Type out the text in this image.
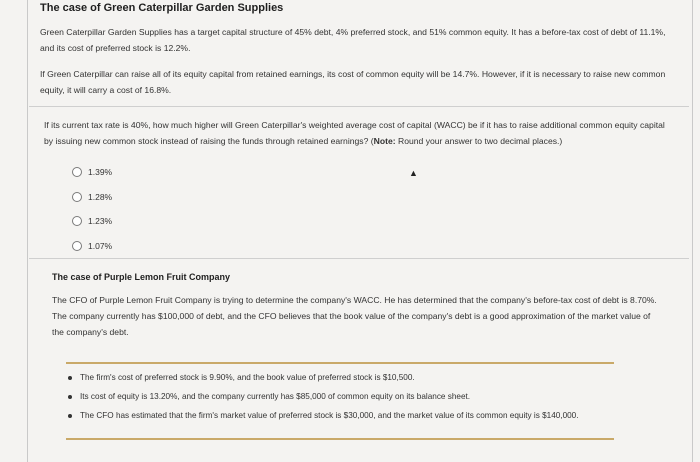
The case of Green Caterpillar Garden Supplies

Green Caterpillar Garden Supplies has a target capital structure of 45% debt, 4% preferred stock, and 51% common equity. It has a before-tax cost of debt of 11.1%, and its cost of preferred stock is 12.2%.

If Green Caterpillar can raise all of its equity capital from retained earnings, its cost of common equity will be 14.7%. However, if it is necessary to raise new common equity, it will carry a cost of 16.8%.

If its current tax rate is 40%, how much higher will Green Caterpillar's weighted average cost of capital (WACC) be if it has to raise additional common equity capital by issuing new common stock instead of raising the funds through retained earnings? (Note: Round your answer to two decimal places.)

1.39%
1.28%
1.23%
1.07%
▲
The case of Purple Lemon Fruit Company

The CFO of Purple Lemon Fruit Company is trying to determine the company's WACC. He has determined that the company's before-tax cost of debt is 8.70%. The company currently has $100,000 of debt, and the CFO believes that the book value of the company's debt is a good approximation of the market value of the company's debt.

The firm's cost of preferred stock is 9.90%, and the book value of preferred stock is $10,500.
Its cost of equity is 13.20%, and the company currently has $85,000 of common equity on its balance sheet.
The CFO has estimated that the firm's market value of preferred stock is $30,000, and the market value of its common equity is $140,000.
